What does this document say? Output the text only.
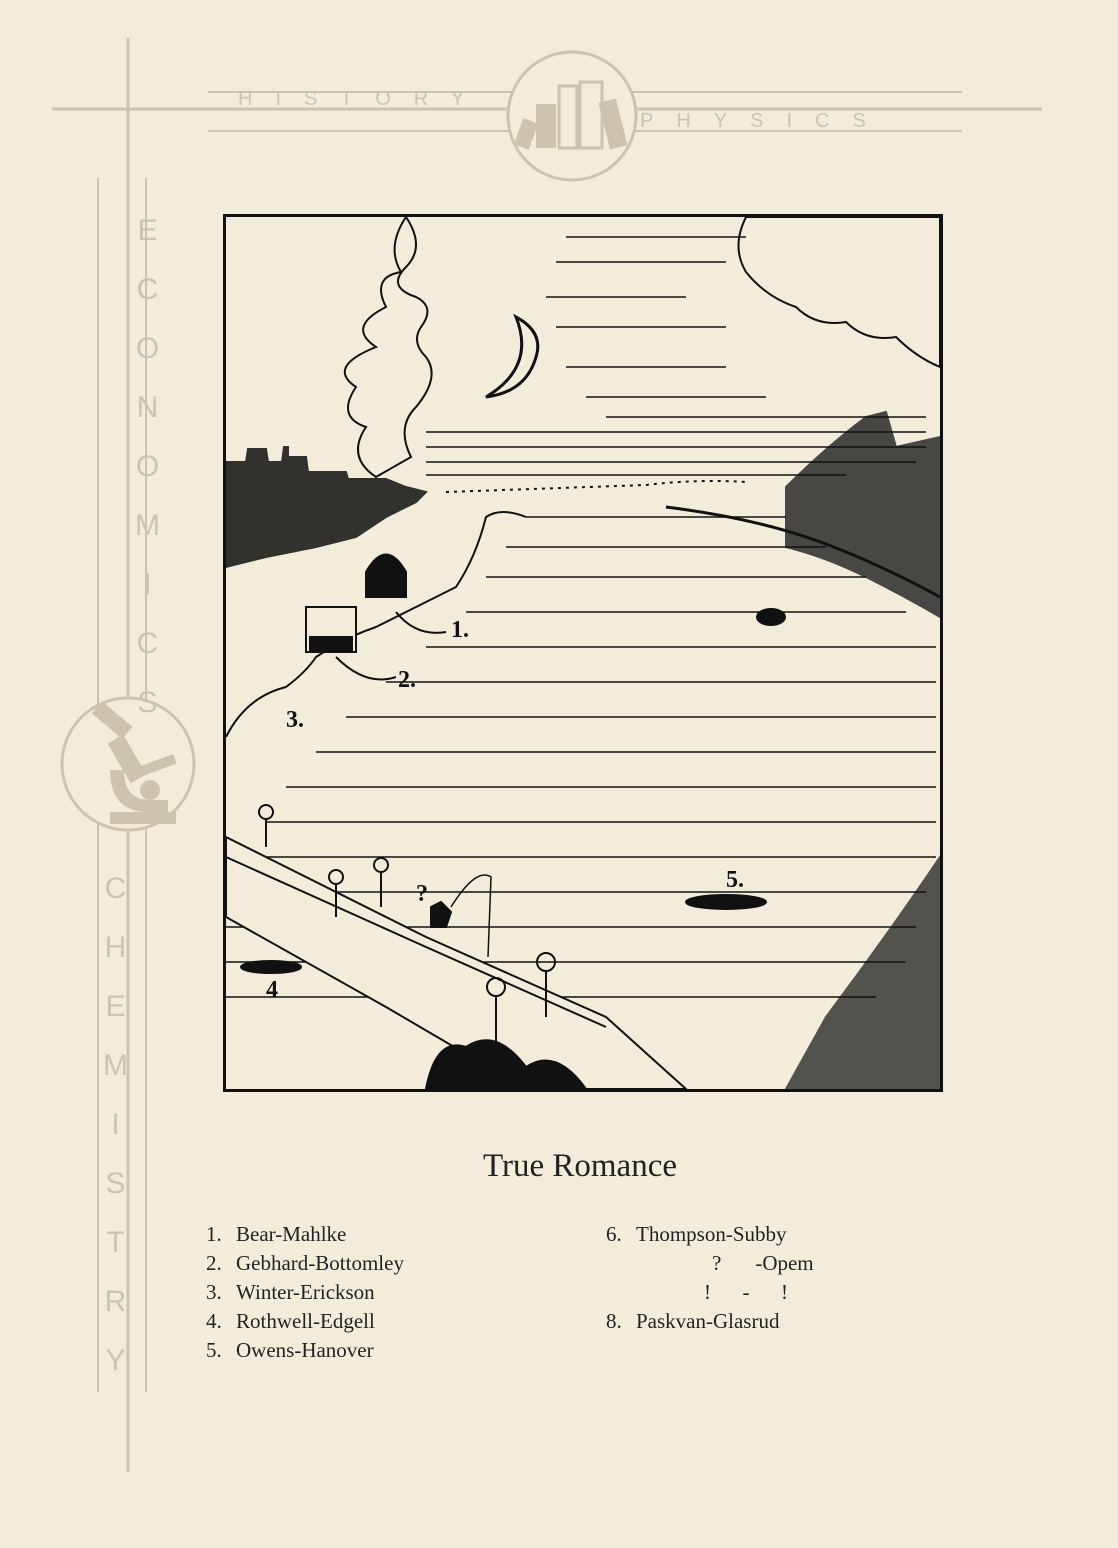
CHEMISTRY
ECONOMICS
HISTORY
PHYSICS
1.
2.
3.
4
5.
6
?
True Romance
1. Bear-Mahlke
2. Gebhard-Bottomley
3. Winter-Erickson
4. Rothwell-Edgell
5. Owens-Hanover
6. Thompson-Subby
?	-Opem
!      -      !
8. Paskvan-Glasrud
